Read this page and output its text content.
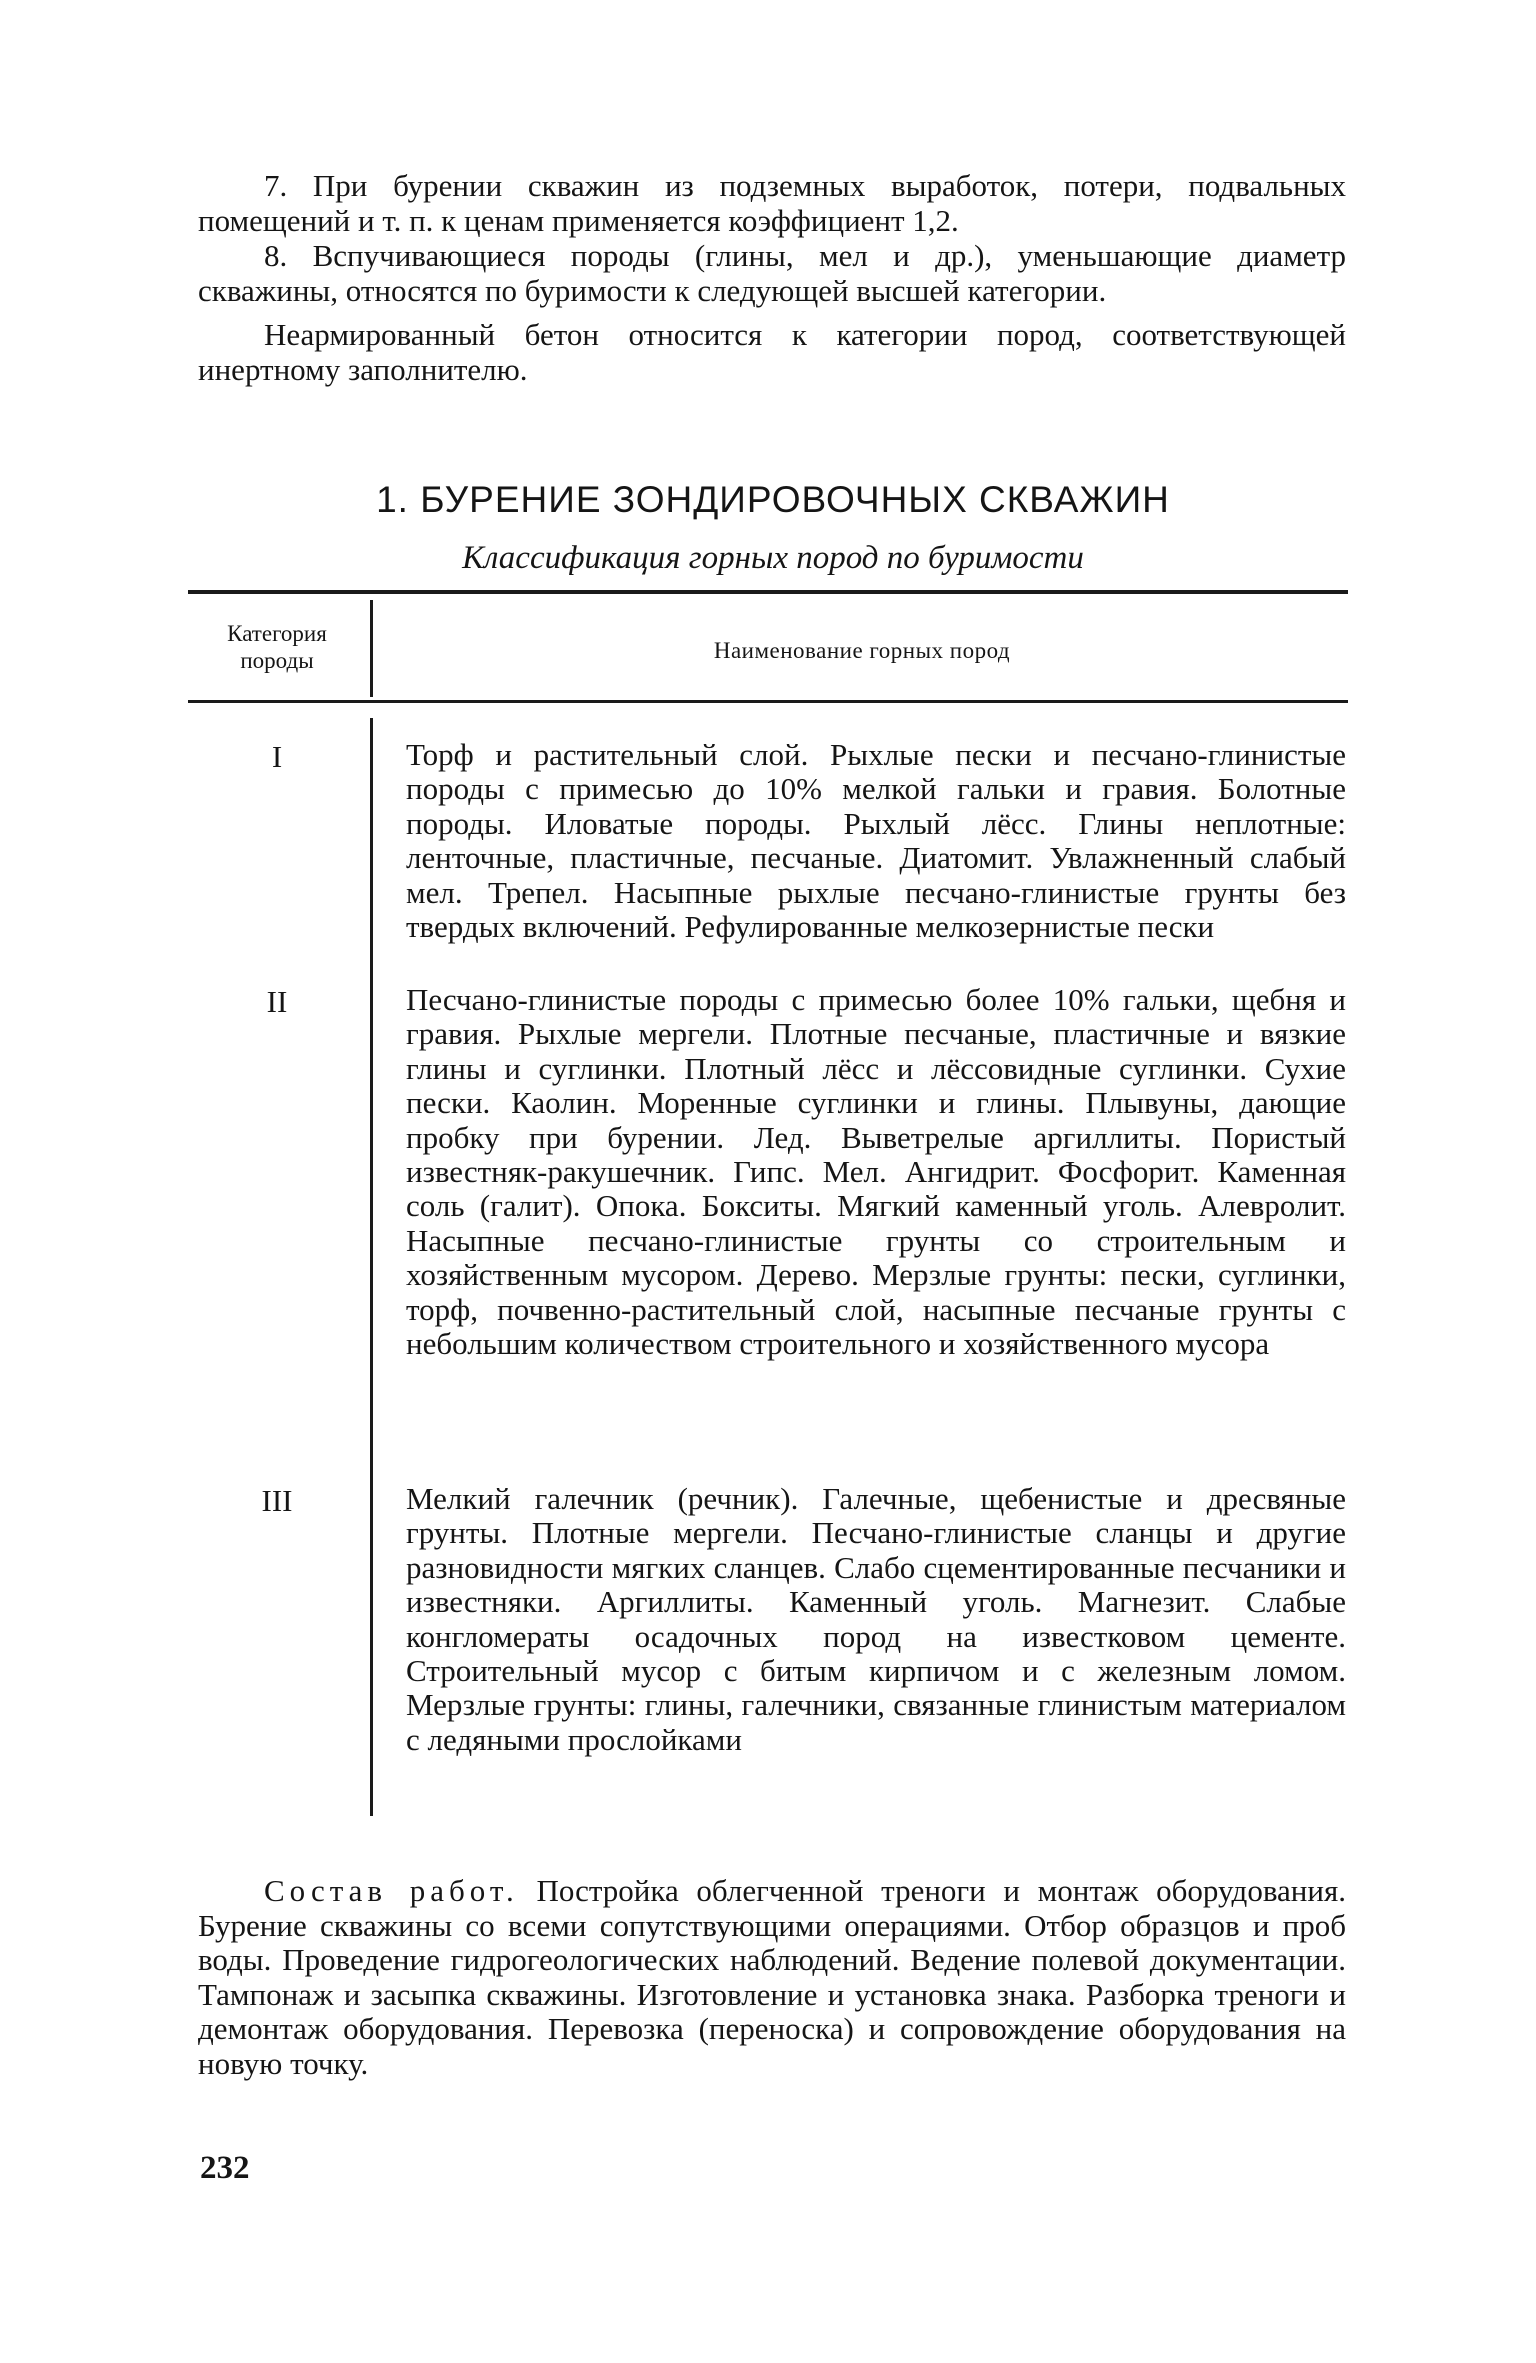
7. При бурении скважин из подземных выработок, потери, подвальных помещений и т. п. к ценам применяется коэффициент 1,2.

8. Вспучивающиеся породы (глины, мел и др.), уменьшающие диаметр скважины, относятся по буримости к следующей высшей категории.

Неармированный бетон относится к категории пород, соответствующей инертному заполнителю.

1. БУРЕНИЕ ЗОНДИРОВОЧНЫХ СКВАЖИН
Классификация горных пород по буримости
Категория породы	Наименование горных пород
I	Торф и растительный слой. Рыхлые пески и песчано-глинистые породы с примесью до 10% мелкой гальки и гравия. Болотные породы. Иловатые породы. Рыхлый лёсс. Глины неплотные: ленточные, пластичные, песчаные. Диатомит. Увлажненный слабый мел. Трепел. Насыпные рыхлые песчано-глинистые грунты без твердых включений. Рефулированные мелкозернистые пески

II	Песчано-глинистые породы с примесью более 10% гальки, щебня и гравия. Рыхлые мергели. Плотные песчаные, пластичные и вязкие глины и суглинки. Плотный лёсс и лёссовидные суглинки. Сухие пески. Каолин. Моренные суглинки и глины. Плывуны, дающие пробку при бурении. Лед. Выветрелые аргиллиты. Пористый известняк-ракушечник. Гипс. Мел. Ангидрит. Фосфорит. Каменная соль (галит). Опока. Бокситы. Мягкий каменный уголь. Алевролит. Насыпные песчано-глинистые грунты со строительным и хозяйственным мусором. Дерево. Мерзлые грунты: пески, суглинки, торф, почвенно-растительный слой, насыпные песчаные грунты с небольшим количеством строительного и хозяйственного мусора

III	Мелкий галечник (речник). Галечные, щебенистые и дресвяные грунты. Плотные мергели. Песчано-глинистые сланцы и другие разновидности мягких сланцев. Слабо сцементированные песчаники и известняки. Аргиллиты. Каменный уголь. Магнезит. Слабые конгломераты осадочных пород на известковом цементе. Строительный мусор с битым кирпичом и с железным ломом. Мерзлые грунты: глины, галечники, связанные глинистым материалом с ледяными прослойками

Состав работ. Постройка облегченной треноги и монтаж оборудования. Бурение скважины со всеми сопутствующими операциями. Отбор образцов и проб воды. Проведение гидрогеологических наблюдений. Ведение полевой документации. Тампонаж и засыпка скважины. Изготовление и установка знака. Разборка треноги и демонтаж оборудования. Перевозка (переноска) и сопровождение оборудования на новую точку.

232
